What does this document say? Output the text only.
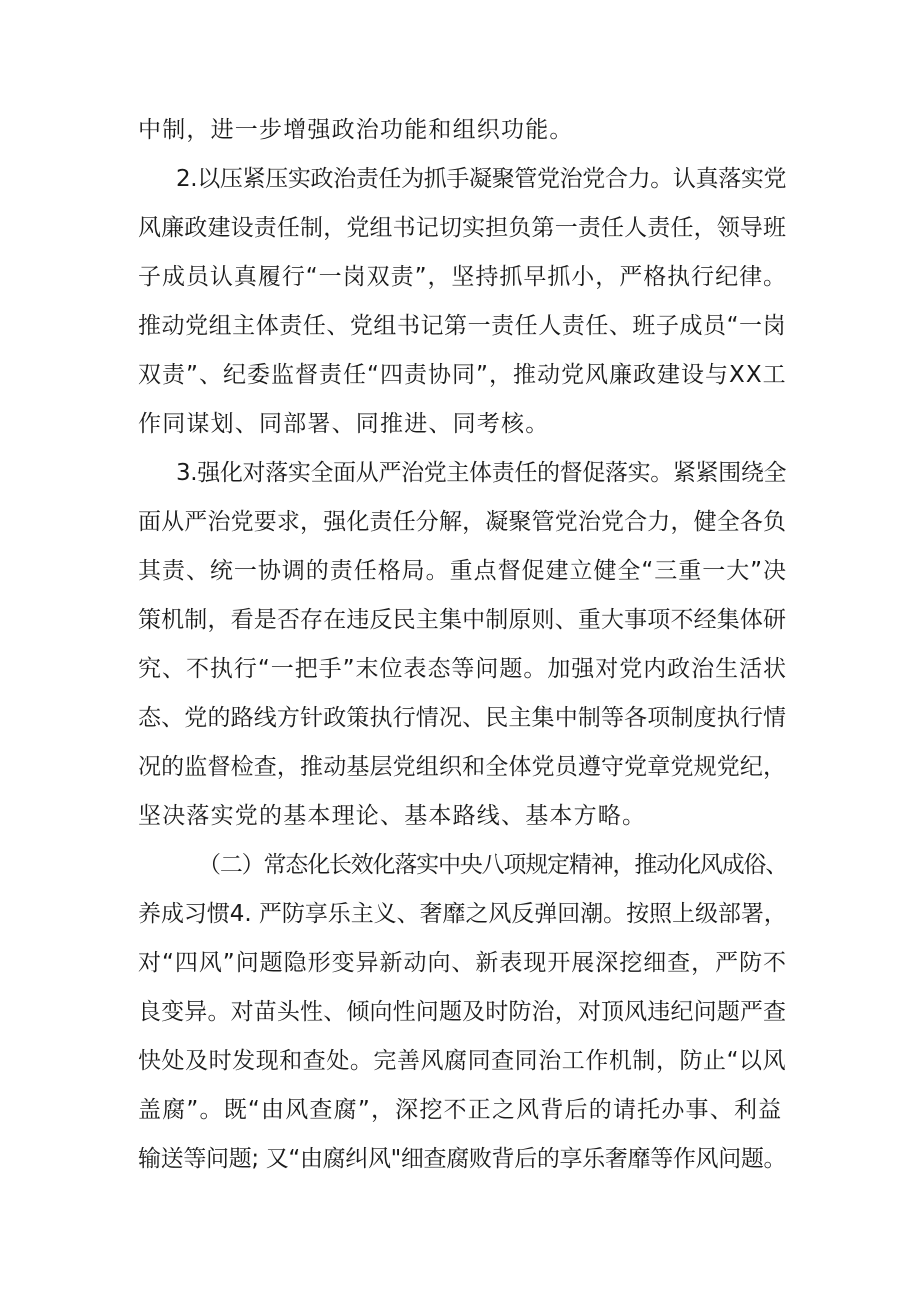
中制，进一步增强政治功能和组织功能。
2.以压紧压实政治责任为抓手凝聚管党治党合力。认真落实党
风廉政建设责任制，党组书记切实担负第一责任人责任，领导班
子成员认真履行“一岗双责”，坚持抓早抓小，严格执行纪律。
推动党组主体责任、党组书记第一责任人责任、班子成员“一岗
双责”、纪委监督责任“四责协同”，推动党风廉政建设与XX工
作同谋划、同部署、同推进、同考核。
3.强化对落实全面从严治党主体责任的督促落实。紧紧围绕全
面从严治党要求，强化责任分解，凝聚管党治党合力，健全各负
其责、统一协调的责任格局。重点督促建立健全“三重一大”决
策机制，看是否存在违反民主集中制原则、重大事项不经集体研
究、不执行“一把手”末位表态等问题。加强对党内政治生活状
态、党的路线方针政策执行情况、民主集中制等各项制度执行情
况的监督检查，推动基层党组织和全体党员遵守党章党规党纪，
坚决落实党的基本理论、基本路线、基本方略。
（二）常态化长效化落实中央八项规定精神，推动化风成俗、
养成习惯4. 严防享乐主义、奢靡之风反弹回潮。按照上级部署，
对“四风”问题隐形变异新动向、新表现开展深挖细查，严防不
良变异。对苗头性、倾向性问题及时防治，对顶风违纪问题严查
快处及时发现和查处。完善风腐同查同治工作机制，防止“以风
盖腐”。既“由风查腐”，深挖不正之风背后的请托办事、利益
输送等问题; 又“由腐纠风"细查腐败背后的享乐奢靡等作风问题。
